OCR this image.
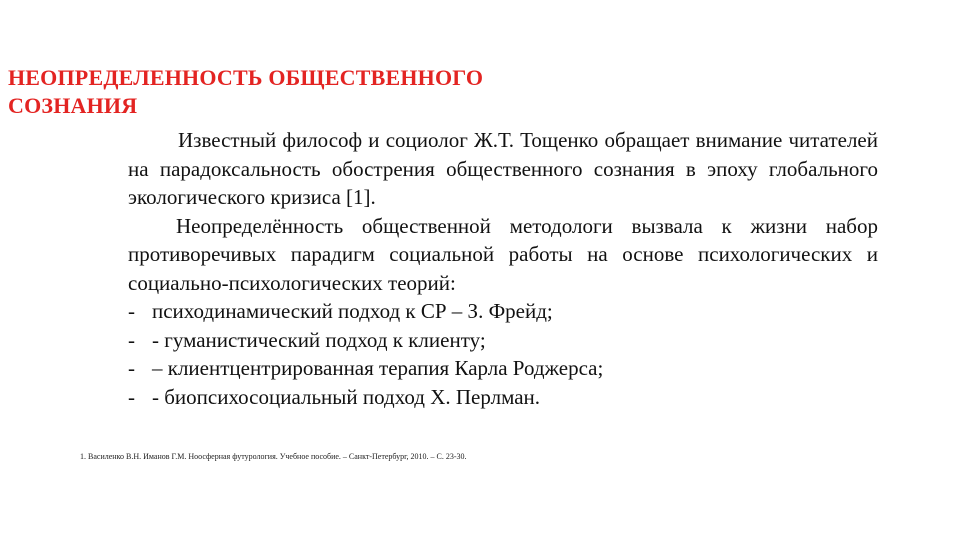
НЕОПРЕДЕЛЕННОСТЬ ОБЩЕСТВЕННОГО
СОЗНАНИЯ

Известный философ и социолог Ж.Т. Тощенко обращает внимание читателей на парадоксальность обострения общественного сознания в эпоху глобального экологического кризиса [1].

Неопределённость общественной методологи вызвала к жизни набор противоречивых парадигм социальной работы на основе психологических и социально-психологических теорий:

- психодинамический подход к СР – З. Фрейд;
- - гуманистический подход к клиенту;
- – клиентцентрированная терапия Карла Роджерса;
- - биопсихосоциальный подход Х. Перлман.
1. Василенко В.Н. Иманов Г.М. Ноосферная футурология. Учебное пособие. – Санкт-Петербург, 2010. – С. 23-30.
